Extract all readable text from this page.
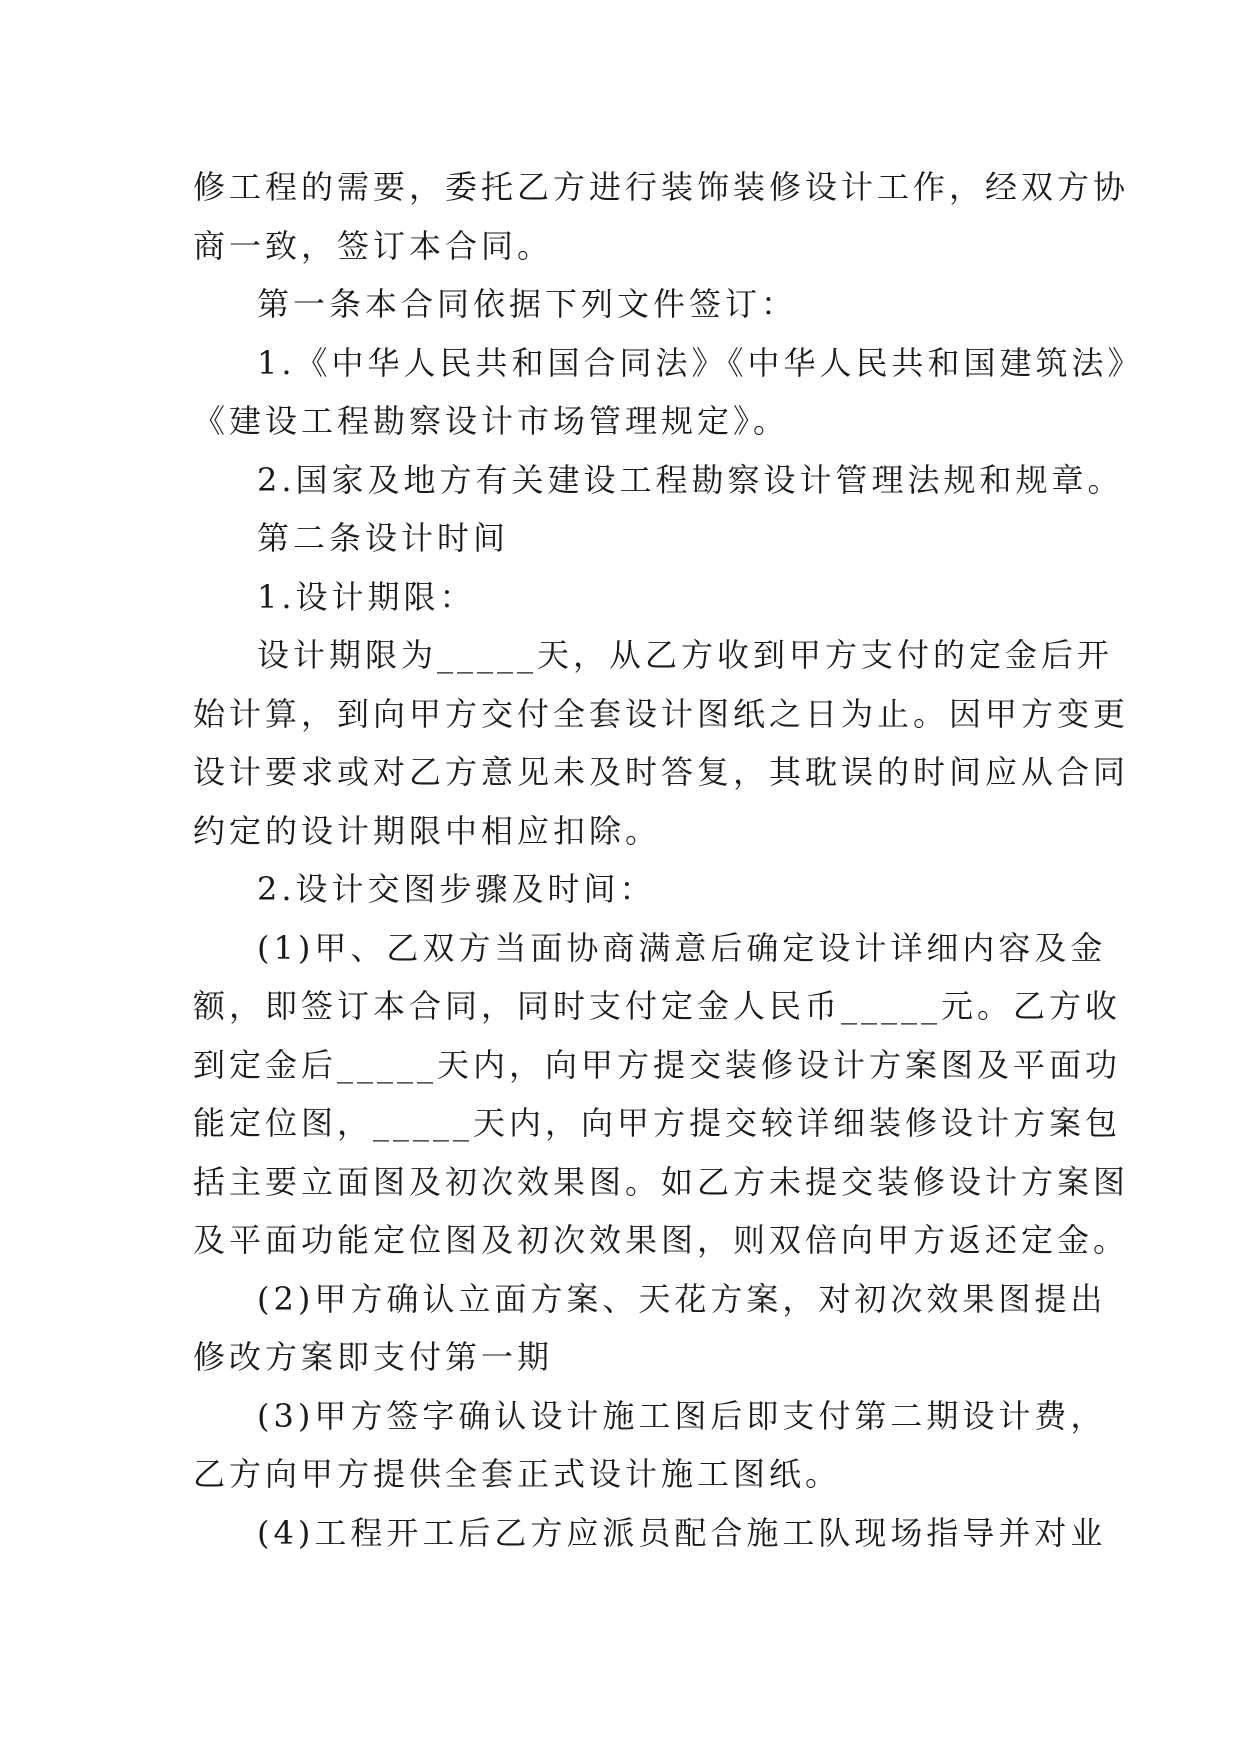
修工程的需要，委托乙方进行装饰装修设计工作，经双方协

商一致，签订本合同。

第一条本合同依据下列文件签订：

1.《中华人民共和国合同法》《中华人民共和国建筑法》

《建设工程勘察设计市场管理规定》。

2.国家及地方有关建设工程勘察设计管理法规和规章。

第二条设计时间

1.设计期限：

设计期限为_____天，从乙方收到甲方支付的定金后开

始计算，到向甲方交付全套设计图纸之日为止。因甲方变更

设计要求或对乙方意见未及时答复，其耽误的时间应从合同

约定的设计期限中相应扣除。

2.设计交图步骤及时间：

(1)甲、乙双方当面协商满意后确定设计详细内容及金

额，即签订本合同，同时支付定金人民币_____元。乙方收

到定金后_____天内，向甲方提交装修设计方案图及平面功

能定位图，_____天内，向甲方提交较详细装修设计方案包

括主要立面图及初次效果图。如乙方未提交装修设计方案图

及平面功能定位图及初次效果图，则双倍向甲方返还定金。

(2)甲方确认立面方案、天花方案，对初次效果图提出

修改方案即支付第一期

(3)甲方签字确认设计施工图后即支付第二期设计费，

乙方向甲方提供全套正式设计施工图纸。

(4)工程开工后乙方应派员配合施工队现场指导并对业
